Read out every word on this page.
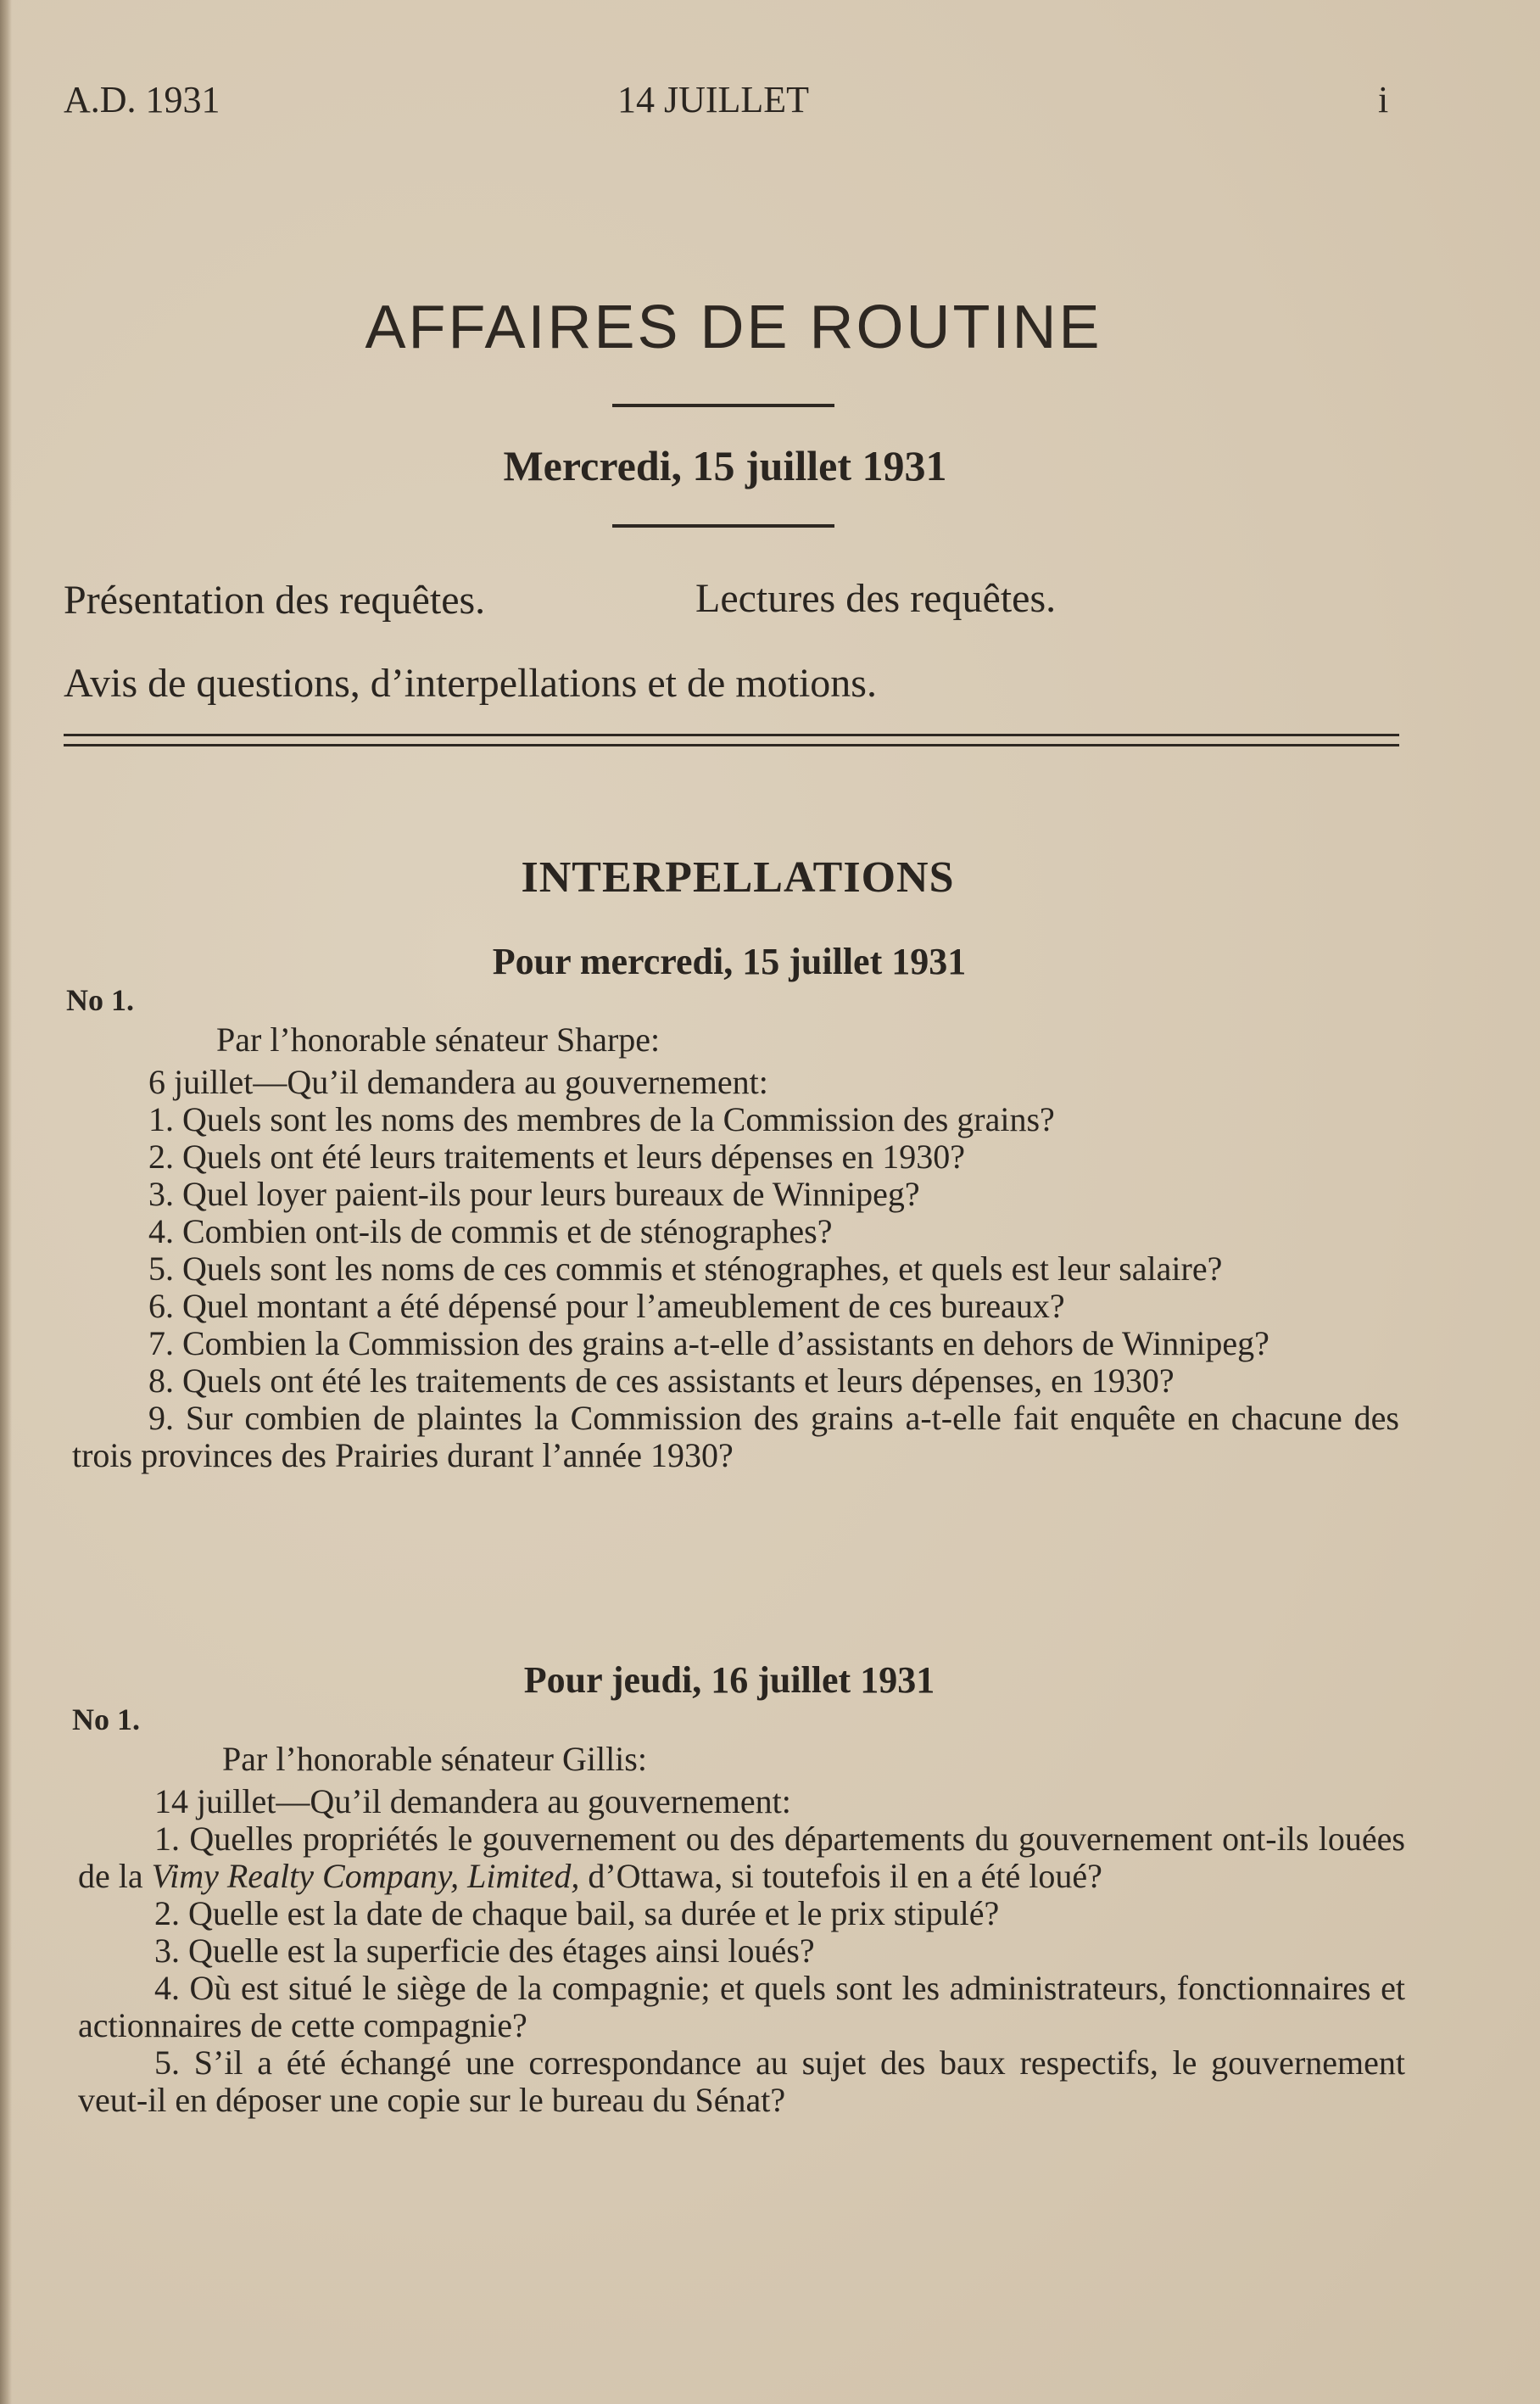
A.D. 1931	14 JUILLET	i
AFFAIRES DE ROUTINE
Mercredi, 15 juillet 1931
Présentation des requêtes.	Lectures des requêtes.
Avis de questions, d’interpellations et de motions.
INTERPELLATIONS
Pour mercredi, 15 juillet 1931
No 1.
Par l’honorable sénateur Sharpe:
6 juillet—Qu’il demandera au gouvernement:
1. Quels sont les noms des membres de la Commission des grains?
2. Quels ont été leurs traitements et leurs dépenses en 1930?
3. Quel loyer paient-ils pour leurs bureaux de Winnipeg?
4. Combien ont-ils de commis et de sténographes?
5. Quels sont les noms de ces commis et sténographes, et quels est leur salaire?
6. Quel montant a été dépensé pour l’ameublement de ces bureaux?
7. Combien la Commission des grains a-t-elle d’assistants en dehors de Winnipeg?
8. Quels ont été les traitements de ces assistants et leurs dépenses, en 1930?
9. Sur combien de plaintes la Commission des grains a-t-elle fait enquête en chacune des trois provinces des Prairies durant l’année 1930?
Pour jeudi, 16 juillet 1931
No 1.
Par l’honorable sénateur Gillis:
14 juillet—Qu’il demandera au gouvernement:
1. Quelles propriétés le gouvernement ou des départements du gouvernement ont-ils louées de la Vimy Realty Company, Limited, d’Ottawa, si toutefois il en a été loué?
2. Quelle est la date de chaque bail, sa durée et le prix stipulé?
3. Quelle est la superficie des étages ainsi loués?
4. Où est situé le siège de la compagnie; et quels sont les administrateurs, fonctionnaires et actionnaires de cette compagnie?
5. S’il a été échangé une correspondance au sujet des baux respectifs, le gouvernement veut-il en déposer une copie sur le bureau du Sénat?
